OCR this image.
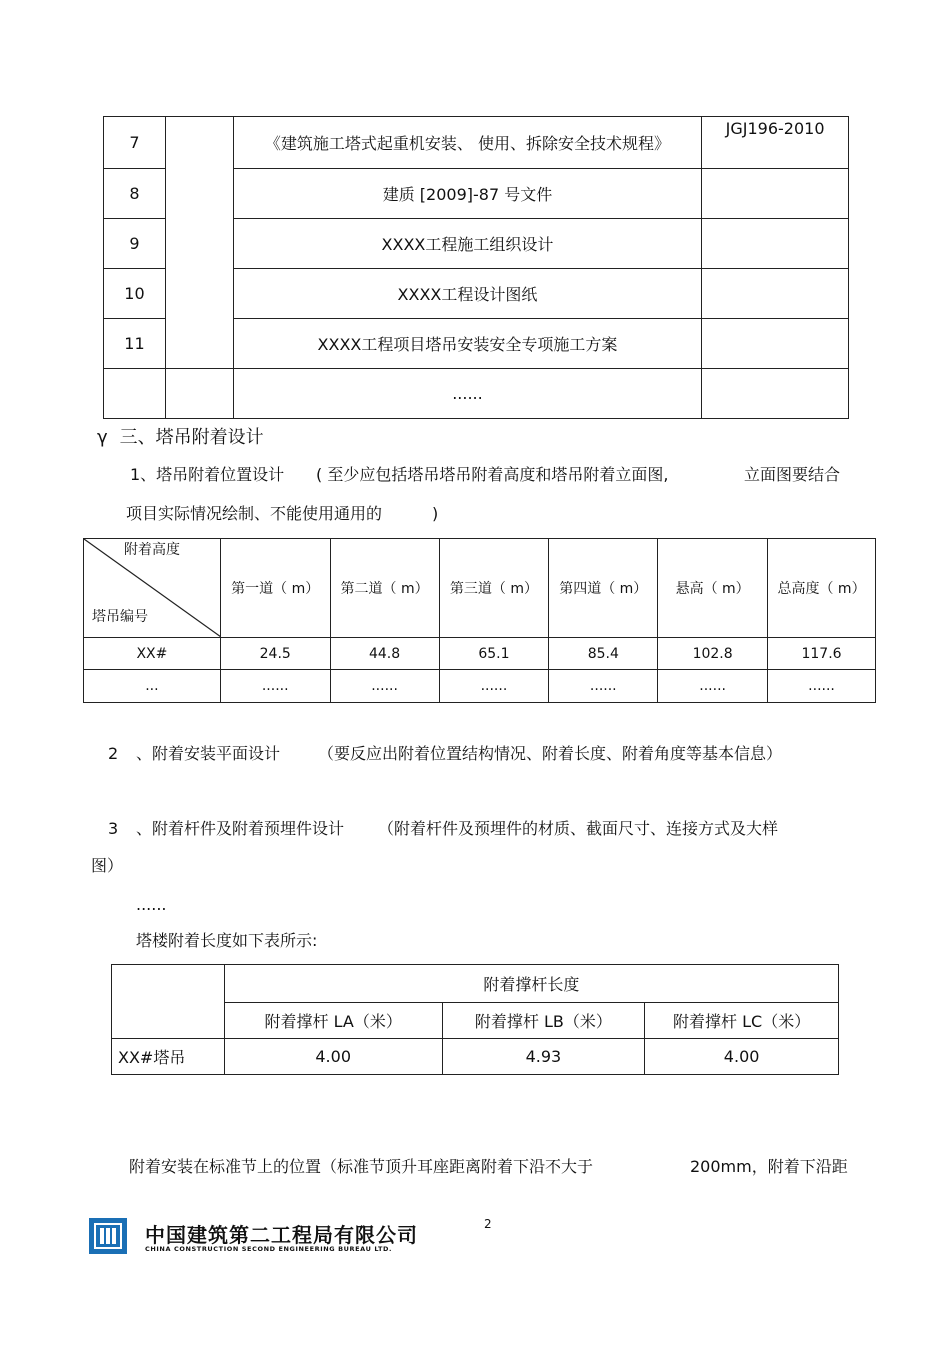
7		《建筑施工塔式起重机安装、 使用、拆除安全技术规程》	JGJ196-2010
8		建质 [2009]-87 号文件	
9		XXXX工程施工组织设计	
10		XXXX工程设计图纸	
11		XXXX工程项目塔吊安装安全专项施工方案	
		......	
γ 三、塔吊附着设计
1、塔吊附着位置设计 ( 至少应包括塔吊塔吊附着高度和塔吊附着立面图,	立面图要结合
项目实际情况绘制、不能使用通用的	)
附着高度
塔吊编号	第一道（ m）	第二道（ m）	第三道（ m）	第四道（ m）	悬高（ m）	总高度（ m）
XX#	24.5	44.8	65.1	85.4	102.8	117.6
...	......	......	......	......	......	......
2 、附着安装平面设计 （要反应出附着位置结构情况、附着长度、附着角度等基本信息）
3 、附着杆件及附着预埋件设计 （附着杆件及预埋件的材质、截面尺寸、连接方式及大样
图）
......
塔楼附着长度如下表所示:
	附着撑杆长度		
	附着撑杆 LA（米）	附着撑杆 LB（米）	附着撑杆 LC（米）
XX#塔吊	4.00	4.93	4.00
附着安装在标准节上的位置（标准节顶升耳座距离附着下沿不大于	200mm，附着下沿距
中国建筑第二工程局有限公司
CHINA CONSTRUCTION SECOND ENGINEERING BUREAU LTD.
2
